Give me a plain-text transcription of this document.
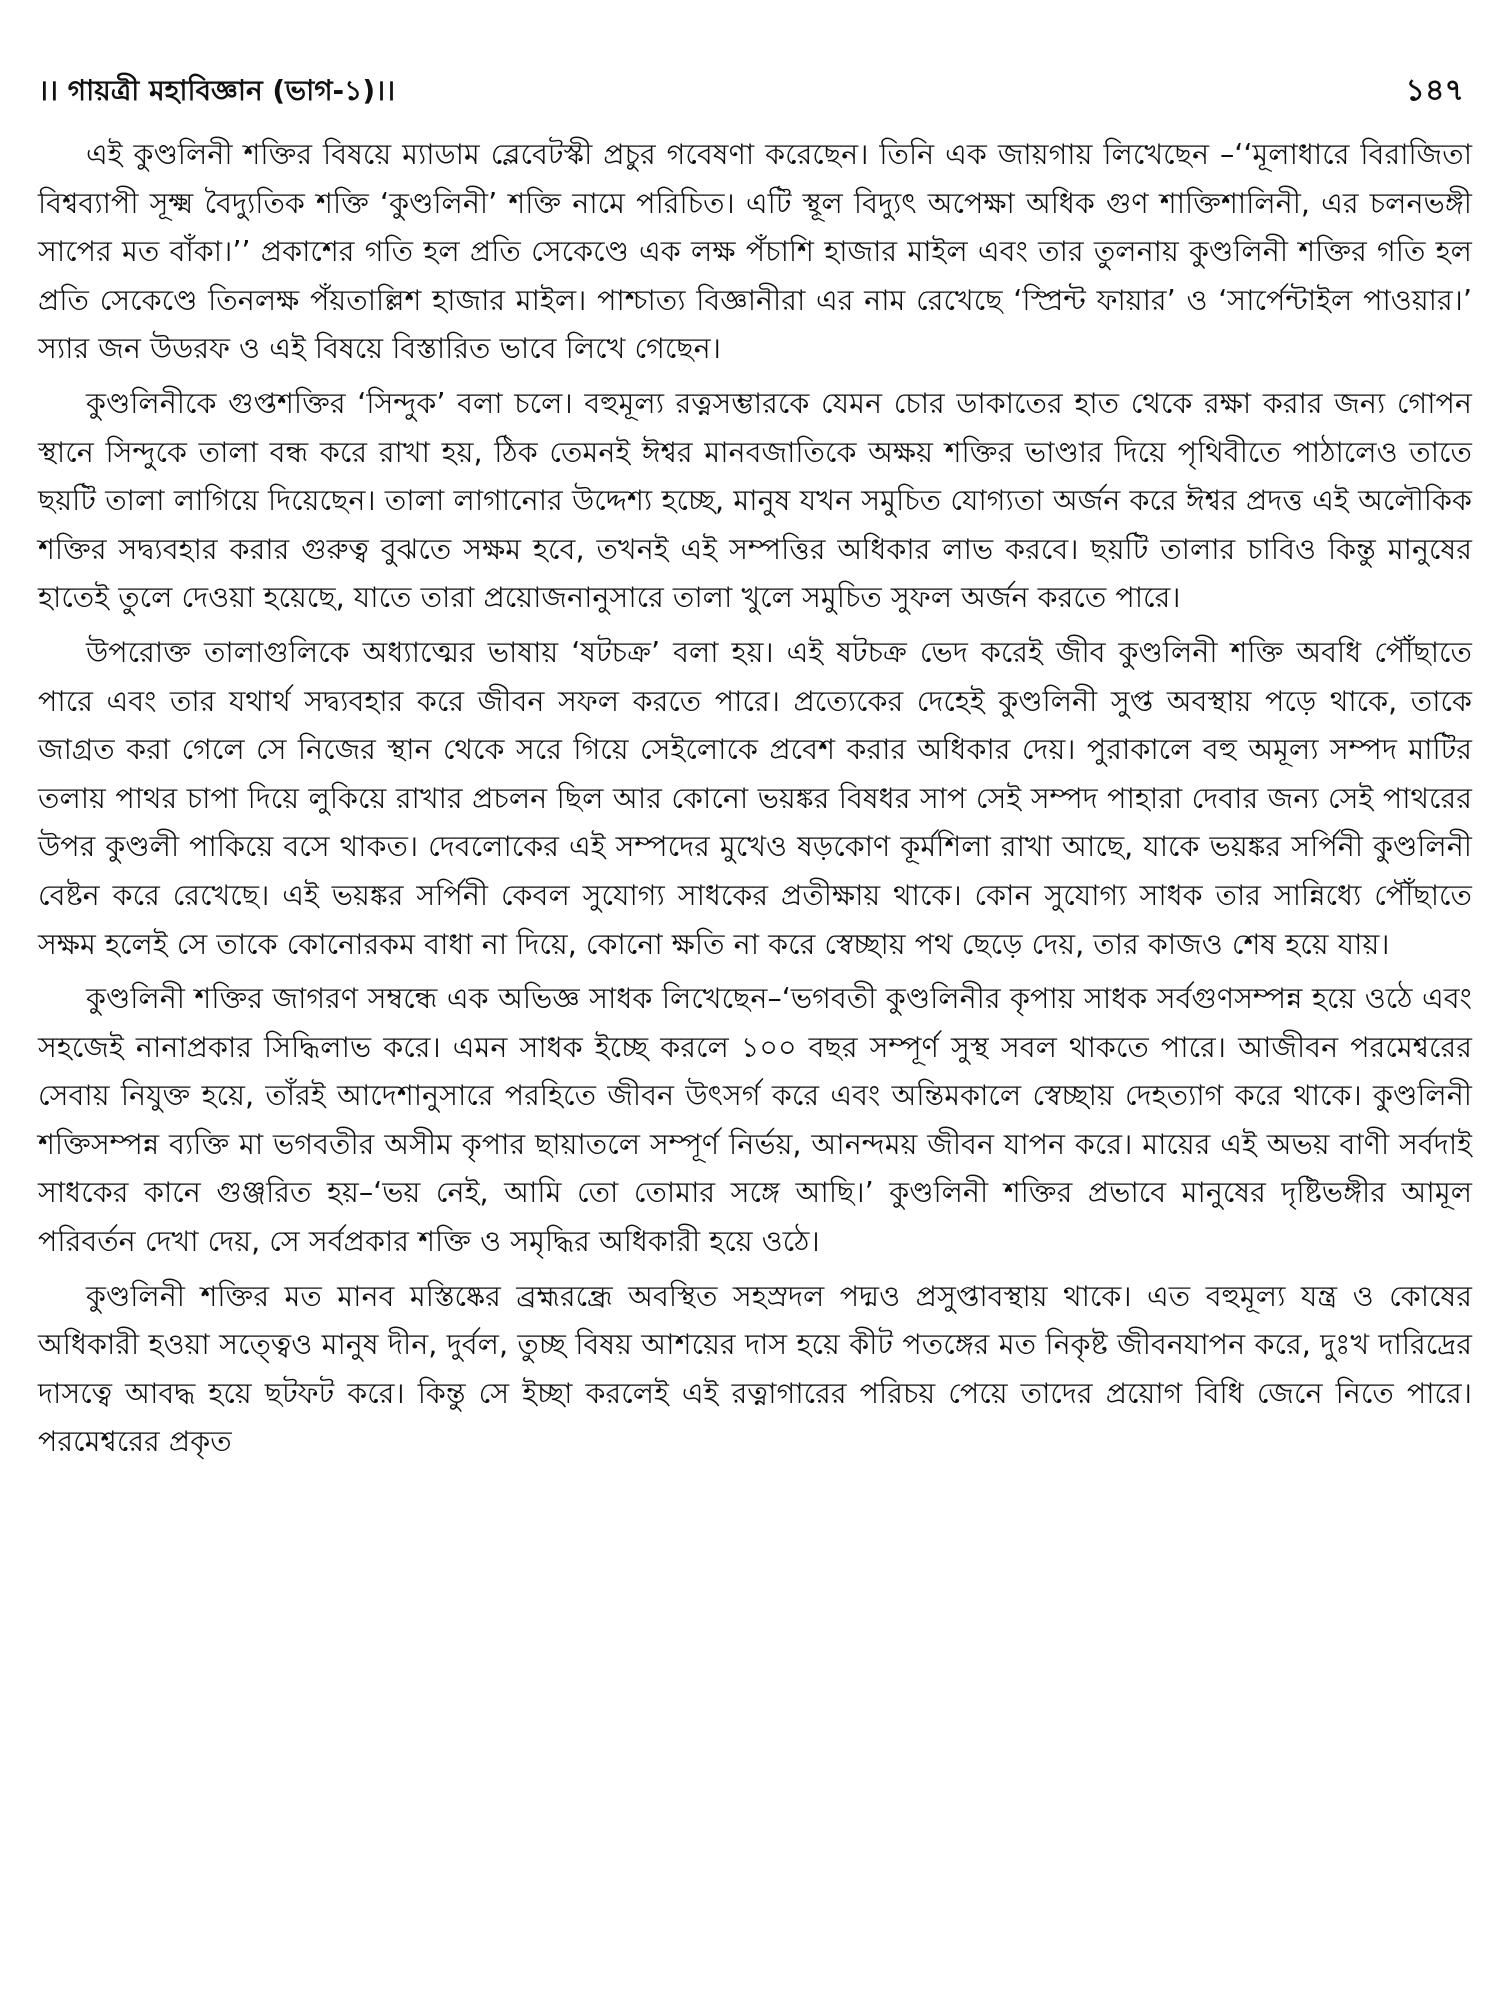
।। গায়ত্রী মহাবিজ্ঞান (ভাগ-১)।।	১৪৭

এই কুণ্ডলিনী শক্তির বিষয়ে ম্যাডাম ব্লেবেটস্কী প্রচুর গবেষণা করেছেন। তিনি এক জায়গায় লিখেছেন –‘‘মূলাধারে বিরাজিতা বিশ্বব্যাপী সূক্ষ্ম বৈদ্যুতিক শক্তি ‘কুণ্ডলিনী’ শক্তি নামে পরিচিত। এটি স্থূল বিদ্যুৎ অপেক্ষা অধিক গুণ শাক্তিশালিনী, এর চলনভঙ্গী সাপের মত বাঁকা।’’ প্রকাশের গতি হল প্রতি সেকেণ্ডে এক লক্ষ পঁচাশি হাজার মাইল এবং তার তুলনায় কুণ্ডলিনী শক্তির গতি হল প্রতি সেকেণ্ডে তিনলক্ষ পঁয়তাল্লিশ হাজার মাইল। পাশ্চাত্য বিজ্ঞানীরা এর নাম রেখেছে ‘স্প্রিন্ট ফায়ার’ ও ‘সার্পেন্টাইল পাওয়ার।’ স্যার জন উডরফ ও এই বিষয়ে বিস্তারিত ভাবে লিখে গেছেন।

কুণ্ডলিনীকে গুপ্তশক্তির ‘সিন্দুক’ বলা চলে। বহুমূল্য রত্নসম্ভারকে যেমন চোর ডাকাতের হাত থেকে রক্ষা করার জন্য গোপন স্থানে সিন্দুকে তালা বন্ধ করে রাখা হয়, ঠিক তেমনই ঈশ্বর মানবজাতিকে অক্ষয় শক্তির ভাণ্ডার দিয়ে পৃথিবীতে পাঠালেও তাতে ছয়টি তালা লাগিয়ে দিয়েছেন। তালা লাগানোর উদ্দেশ্য হচ্ছে, মানুষ যখন সমুচিত যোগ্যতা অর্জন করে ঈশ্বর প্রদত্ত এই অলৌকিক শক্তির সদ্ব্যবহার করার গুরুত্ব বুঝতে সক্ষম হবে, তখনই এই সম্পত্তির অধিকার লাভ করবে। ছয়টি তালার চাবিও কিন্তু মানুষের হাতেই তুলে দেওয়া হয়েছে, যাতে তারা প্রয়োজনানুসারে তালা খুলে সমুচিত সুফল অর্জন করতে পারে।

উপরোক্ত তালাগুলিকে অধ্যাত্মের ভাষায় ‘ষটচক্র’ বলা হয়। এই ষটচক্র ভেদ করেই জীব কুণ্ডলিনী শক্তি অবধি পৌঁছাতে পারে এবং তার যথার্থ সদ্ব্যবহার করে জীবন সফল করতে পারে। প্রত্যেকের দেহেই কুণ্ডলিনী সুপ্ত অবস্থায় পড়ে থাকে, তাকে জাগ্রত করা গেলে সে নিজের স্থান থেকে সরে গিয়ে সেইলোকে প্রবেশ করার অধিকার দেয়। পুরাকালে বহু অমূল্য সম্পদ মাটির তলায় পাথর চাপা দিয়ে লুকিয়ে রাখার প্রচলন ছিল আর কোনো ভয়ঙ্কর বিষধর সাপ সেই সম্পদ পাহারা দেবার জন্য সেই পাথরের উপর কুণ্ডলী পাকিয়ে বসে থাকত। দেবলোকের এই সম্পদের মুখেও ষড়কোণ কূর্মশিলা রাখা আছে, যাকে ভয়ঙ্কর সর্পিনী কুণ্ডলিনী বেষ্টন করে রেখেছে। এই ভয়ঙ্কর সর্পিনী কেবল সুযোগ্য সাধকের প্রতীক্ষায় থাকে। কোন সুযোগ্য সাধক তার সান্নিধ্যে পৌঁছাতে সক্ষম হলেই সে তাকে কোনোরকম বাধা না দিয়ে, কোনো ক্ষতি না করে স্বেচ্ছায় পথ ছেড়ে দেয়, তার কাজও শেষ হয়ে যায়।

কুণ্ডলিনী শক্তির জাগরণ সম্বন্ধে এক অভিজ্ঞ সাধক লিখেছেন–‘ভগবতী কুণ্ডলিনীর কৃপায় সাধক সর্বগুণসম্পন্ন হয়ে ওঠে এবং সহজেই নানাপ্রকার সিদ্ধিলাভ করে। এমন সাধক ইচ্ছে করলে ১০০ বছর সম্পূর্ণ সুস্থ সবল থাকতে পারে। আজীবন পরমেশ্বরের সেবায় নিযুক্ত হয়ে, তাঁরই আদেশানুসারে পরহিতে জীবন উৎসর্গ করে এবং অন্তিমকালে স্বেচ্ছায় দেহত্যাগ করে থাকে। কুণ্ডলিনী শক্তিসম্পন্ন ব্যক্তি মা ভগবতীর অসীম কৃপার ছায়াতলে সম্পূর্ণ নির্ভয়, আনন্দময় জীবন যাপন করে। মায়ের এই অভয় বাণী সর্বদাই সাধকের কানে গুঞ্জরিত হয়–‘ভয় নেই, আমি তো তোমার সঙ্গে আছি।’ কুণ্ডলিনী শক্তির প্রভাবে মানুষের দৃষ্টিভঙ্গীর আমূল পরিবর্তন দেখা দেয়, সে সর্বপ্রকার শক্তি ও সমৃদ্ধির অধিকারী হয়ে ওঠে।

কুণ্ডলিনী শক্তির মত মানব মস্তিষ্কের ব্রহ্মরন্ধ্রে অবস্থিত সহস্রদল পদ্মও প্রসুপ্তাবস্থায় থাকে। এত বহুমূল্য যন্ত্র ও কোষের অধিকারী হওয়া সত্ত্বেও মানুষ দীন, দুর্বল, তুচ্ছ বিষয় আশয়ের দাস হয়ে কীট পতঙ্গের মত নিকৃষ্ট জীবনযাপন করে, দুঃখ দারিদ্রের দাসত্বে আবদ্ধ হয়ে ছটফট করে। কিন্তু সে ইচ্ছা করলেই এই রত্নাগারের পরিচয় পেয়ে তাদের প্রয়োগ বিধি জেনে নিতে পারে। পরমেশ্বরের প্রকৃত
